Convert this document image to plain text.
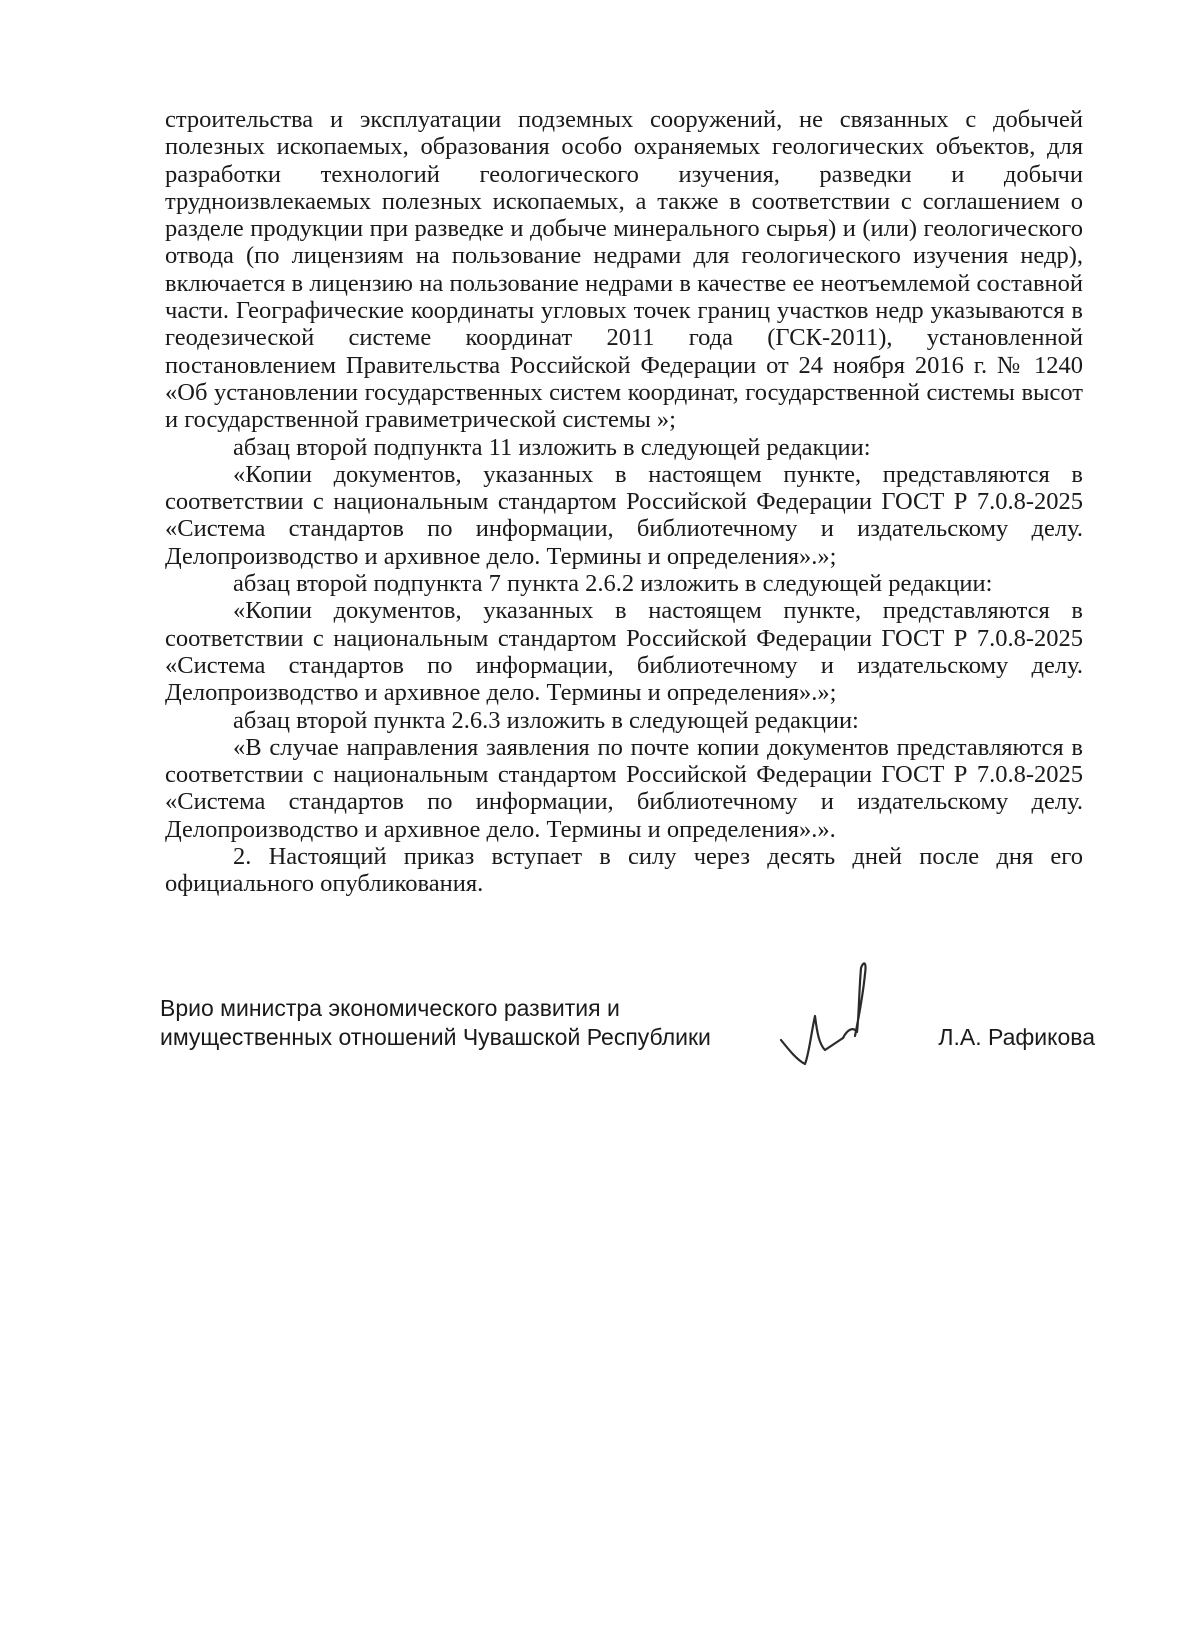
строительства и эксплуатации подземных сооружений, не связанных с добычей полезных ископаемых, образования особо охраняемых геологических объектов, для разработки технологий геологического изучения, разведки и добычи трудноизвлекаемых полезных ископаемых, а также в соответствии с соглашением о разделе продукции при разведке и добыче минерального сырья) и (или) геологического отвода (по лицензиям на пользование недрами для геологического изучения недр), включается в лицензию на пользование недрами в качестве ее неотъемлемой составной части. Географические координаты угловых точек границ участков недр указываются в геодезической системе координат 2011 года (ГСК-2011), установленной постановлением Правительства Российской Федерации от 24 ноября 2016 г. № 1240 «Об установлении государственных систем координат, государственной системы высот и государственной гравиметрической системы »;

абзац второй подпункта 11 изложить в следующей редакции:

«Копии документов, указанных в настоящем пункте, представляются в соответствии с национальным стандартом Российской Федерации ГОСТ Р 7.0.8-2025 «Система стандартов по информации, библиотечному и издательскому делу. Делопроизводство и архивное дело. Термины и определения».»;

абзац второй подпункта 7 пункта 2.6.2 изложить в следующей редакции:

«Копии документов, указанных в настоящем пункте, представляются в соответствии с национальным стандартом Российской Федерации ГОСТ Р 7.0.8-2025 «Система стандартов по информации, библиотечному и издательскому делу. Делопроизводство и архивное дело. Термины и определения».»;

абзац второй пункта 2.6.3 изложить в следующей редакции:

«В случае направления заявления по почте копии документов представляются в соответствии с национальным стандартом Российской Федерации ГОСТ Р 7.0.8-2025 «Система стандартов по информации, библиотечному и издательскому делу. Делопроизводство и архивное дело. Термины и определения».».

2. Настоящий приказ вступает в силу через десять дней после дня его официального опубликования.

Врио министра экономического развития и
имущественных отношений Чувашской Республики	Л.А. Рафикова
